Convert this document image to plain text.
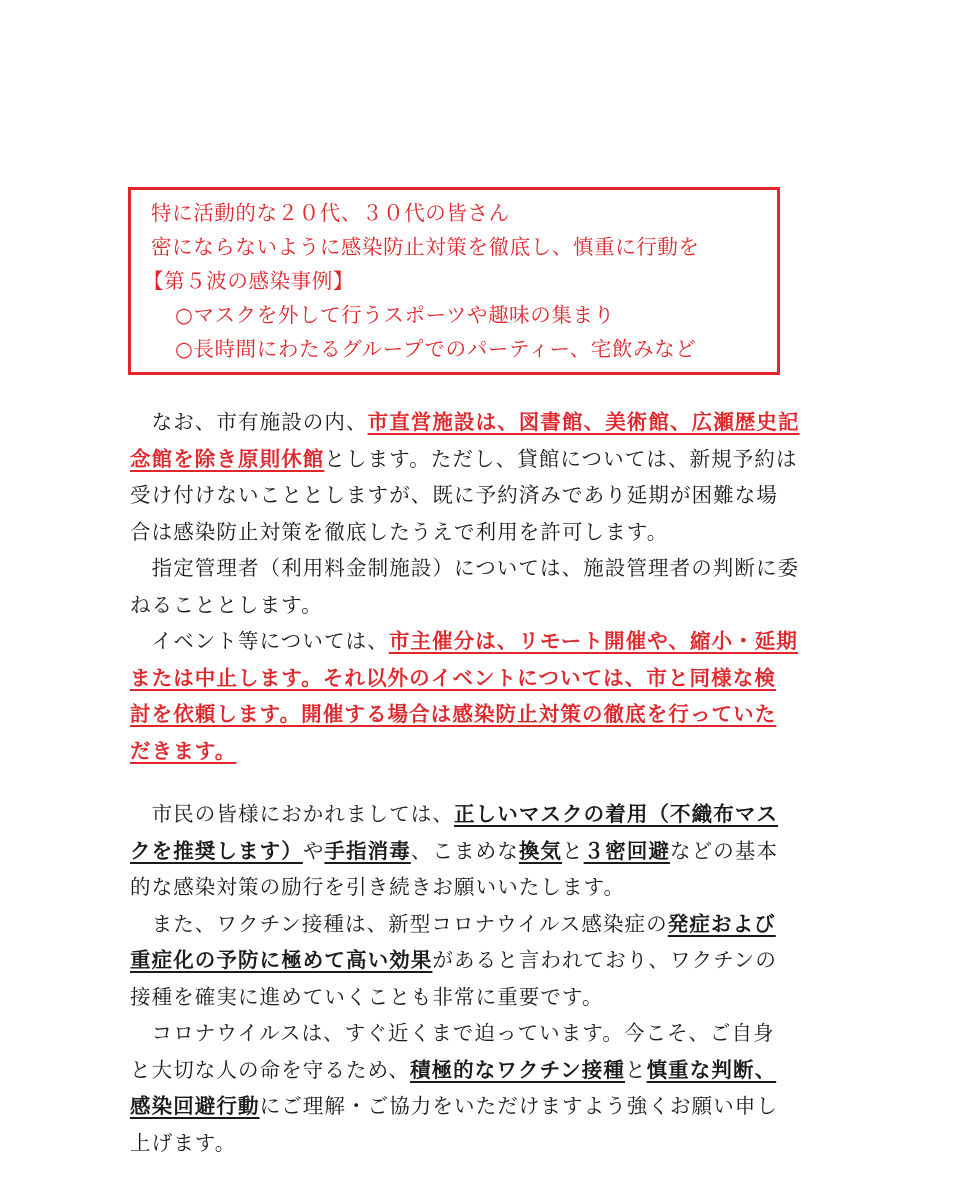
特に活動的な２０代、３０代の皆さん
密にならないように感染防止対策を徹底し、慎重に行動を
【第５波の感染事例】
○マスクを外して行うスポーツや趣味の集まり
○長時間にわたるグループでのパーティー、宅飲みなど
　なお、市有施設の内、市直営施設は、図書館、美術館、広瀬歴史記
念館を除き原則休館とします。ただし、貸館については、新規予約は
受け付けないこととしますが、既に予約済みであり延期が困難な場
合は感染防止対策を徹底したうえで利用を許可します。
　指定管理者（利用料金制施設）については、施設管理者の判断に委
ねることとします。
　イベント等については、市主催分は、リモート開催や、縮小・延期
または中止します。それ以外のイベントについては、市と同様な検
討を依頼します。開催する場合は感染防止対策の徹底を行っていた
だきます。
　市民の皆様におかれましては、正しいマスクの着用（不織布マス
クを推奨します）や手指消毒、こまめな換気と３密回避などの基本
的な感染対策の励行を引き続きお願いいたします。
　また、ワクチン接種は、新型コロナウイルス感染症の発症および
重症化の予防に極めて高い効果があると言われており、ワクチンの
接種を確実に進めていくことも非常に重要です。
　コロナウイルスは、すぐ近くまで迫っています。今こそ、ご自身
と大切な人の命を守るため、積極的なワクチン接種と慎重な判断、
感染回避行動にご理解・ご協力をいただけますよう強くお願い申し
上げます。
